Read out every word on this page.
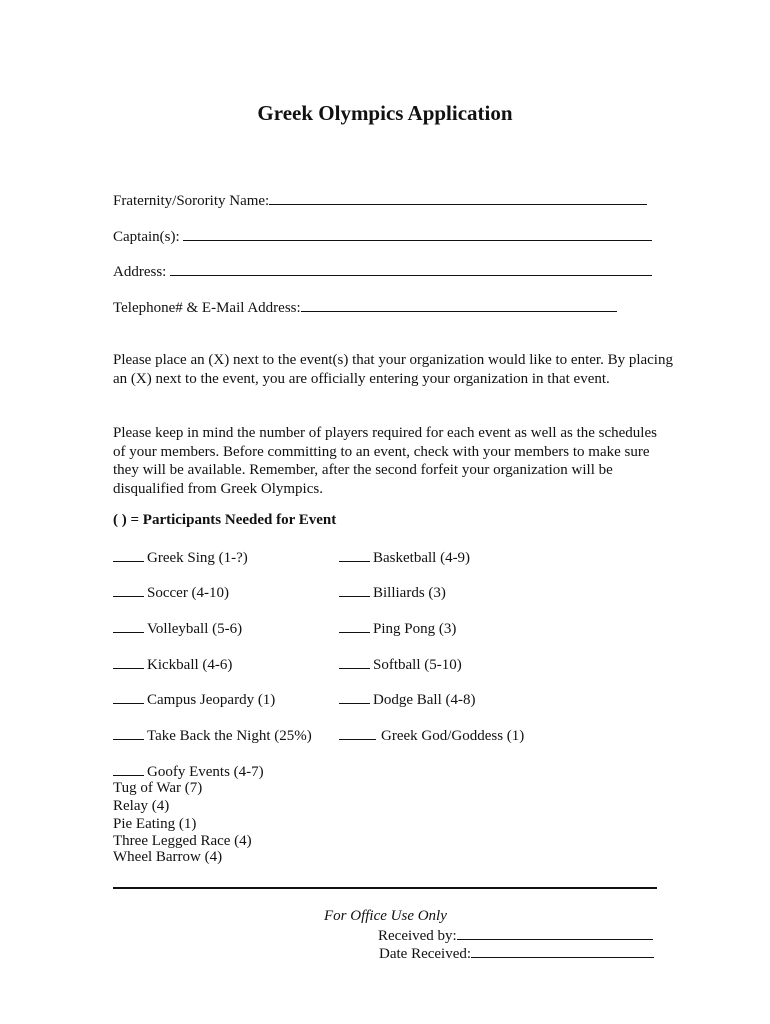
Greek Olympics Application
Fraternity/Sorority Name:
Captain(s):
Address:
Telephone# & E-Mail Address:
Please place an (X) next to the event(s) that your organization would like to enter. By placing an (X) next to the event, you are officially entering your organization in that event.
Please keep in mind the number of players required for each event as well as the schedules of your members. Before committing to an event, check with your members to make sure they will be available. Remember, after the second forfeit your organization will be disqualified from Greek Olympics.
( ) = Participants Needed for Event
Greek Sing (1-?)
Soccer (4-10)
Volleyball (5-6)
Kickball (4-6)
Campus Jeopardy (1)
Take Back the Night (25%)
Goofy Events (4-7)
Basketball (4-9)
Billiards (3)
Ping Pong (3)
Softball (5-10)
Dodge Ball (4-8)
Greek God/Goddess (1)
Tug of War (7)
Relay (4)
Pie Eating (1)
Three Legged Race (4)
Wheel Barrow (4)
For Office Use Only
Received by:
Date Received:
